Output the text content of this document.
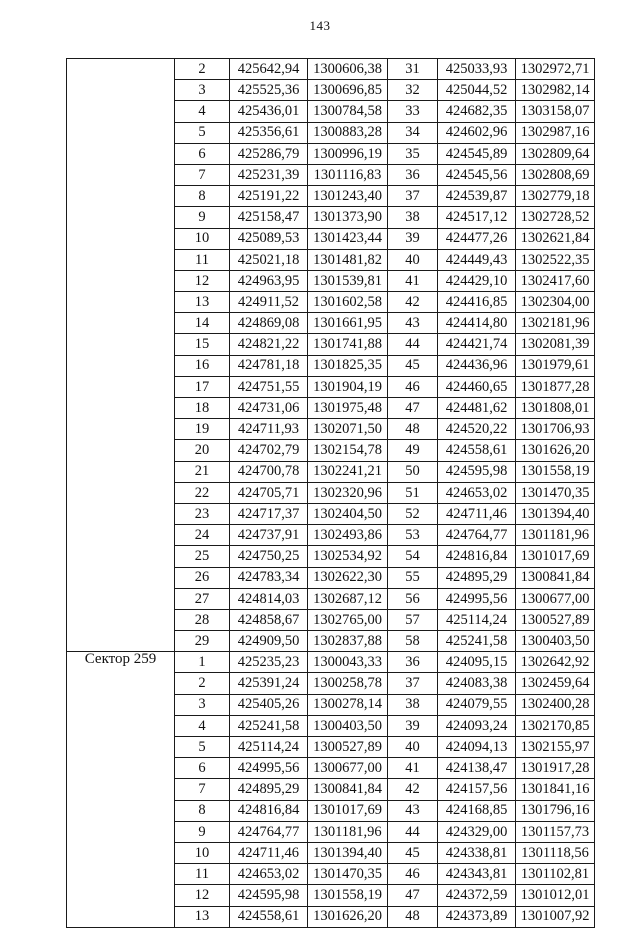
143
	2	425642,94	1300606,38	31	425033,93	1302972,71
	3	425525,36	1300696,85	32	425044,52	1302982,14
	4	425436,01	1300784,58	33	424682,35	1303158,07
	5	425356,61	1300883,28	34	424602,96	1302987,16
	6	425286,79	1300996,19	35	424545,89	1302809,64
	7	425231,39	1301116,83	36	424545,56	1302808,69
	8	425191,22	1301243,40	37	424539,87	1302779,18
	9	425158,47	1301373,90	38	424517,12	1302728,52
	10	425089,53	1301423,44	39	424477,26	1302621,84
	11	425021,18	1301481,82	40	424449,43	1302522,35
	12	424963,95	1301539,81	41	424429,10	1302417,60
	13	424911,52	1301602,58	42	424416,85	1302304,00
	14	424869,08	1301661,95	43	424414,80	1302181,96
	15	424821,22	1301741,88	44	424421,74	1302081,39
	16	424781,18	1301825,35	45	424436,96	1301979,61
	17	424751,55	1301904,19	46	424460,65	1301877,28
	18	424731,06	1301975,48	47	424481,62	1301808,01
	19	424711,93	1302071,50	48	424520,22	1301706,93
	20	424702,79	1302154,78	49	424558,61	1301626,20
	21	424700,78	1302241,21	50	424595,98	1301558,19
	22	424705,71	1302320,96	51	424653,02	1301470,35
	23	424717,37	1302404,50	52	424711,46	1301394,40
	24	424737,91	1302493,86	53	424764,77	1301181,96
	25	424750,25	1302534,92	54	424816,84	1301017,69
	26	424783,34	1302622,30	55	424895,29	1300841,84
	27	424814,03	1302687,12	56	424995,56	1300677,00
	28	424858,67	1302765,00	57	425114,24	1300527,89
	29	424909,50	1302837,88	58	425241,58	1300403,50
Сектор 259	1	425235,23	1300043,33	36	424095,15	1302642,92
	2	425391,24	1300258,78	37	424083,38	1302459,64
	3	425405,26	1300278,14	38	424079,55	1302400,28
	4	425241,58	1300403,50	39	424093,24	1302170,85
	5	425114,24	1300527,89	40	424094,13	1302155,97
	6	424995,56	1300677,00	41	424138,47	1301917,28
	7	424895,29	1300841,84	42	424157,56	1301841,16
	8	424816,84	1301017,69	43	424168,85	1301796,16
	9	424764,77	1301181,96	44	424329,00	1301157,73
	10	424711,46	1301394,40	45	424338,81	1301118,56
	11	424653,02	1301470,35	46	424343,81	1301102,81
	12	424595,98	1301558,19	47	424372,59	1301012,01
	13	424558,61	1301626,20	48	424373,89	1301007,92
